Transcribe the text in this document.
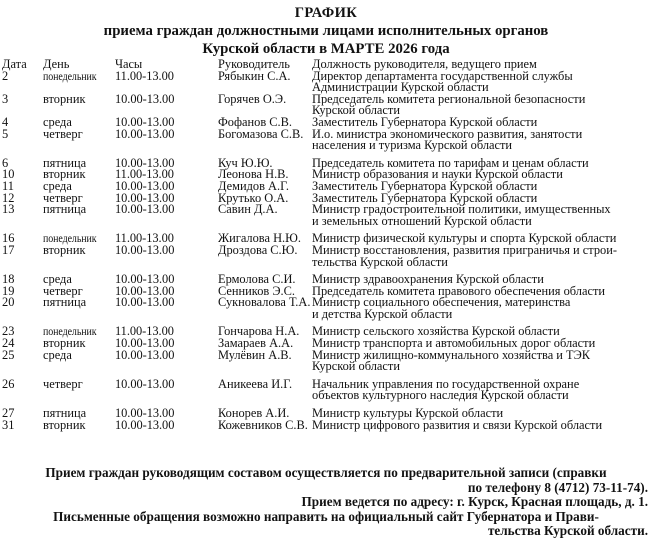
ГРАФИК
приема граждан должностными лицами исполнительных органов
Курской области в МАРТЕ 2026 года
Дата День	Часы	Руководитель Должность руководителя, ведущего прием
2	понедельник 11.00-13.00	Рябыкин С.А. Директор департамента государственной службы
Администрации Курской области
3	вторник 10.00-13.00	Горячев О.Э. Председатель комитета региональной безопасности
Курской области
4	среда	10.00-13.00	Фофанов С.В. Заместитель Губернатора Курской области
5	четверг	10.00-13.00	Богомазова С.В. И.о. министра экономического развития, занятости
населения и туризма Курской области
6	пятница 10.00-13.00	Куч Ю.Ю.	Председатель комитета по тарифам и ценам области
10 вторник 11.00-13.00	Леонова Н.В. Министр образования и науки Курской области
11 среда	10.00-13.00	Демидов А.Г. Заместитель Губернатора Курской области
12 четверг	10.00-13.00	Крутько О.А. Заместитель Губернатора Курской области
13 пятница 10.00-13.00	Савин Д.А.	Министр градостроительной политики, имущественных
и земельных отношений Курской области
16 понедельник 11.00-13.00	Жигалова Н.Ю. Министр физической культуры и спорта Курской области
17 вторник 10.00-13.00	Дроздова С.Ю. Министр восстановления, развития приграничья и строи-
тельства Курской области
18 среда	10.00-13.00	Ермолова С.И. Министр здравоохранения Курской области
19 четверг	10.00-13.00	Сенников Э.С. Председатель комитета правового обеспечения области
20 пятница 10.00-13.00	Сукновалова Т.А. Министр социального обеспечения, материнства
и детства Курской области
23 понедельник 11.00-13.00	Гончарова Н.А. Министр сельского хозяйства Курской области
24 вторник 10.00-13.00	Замараев А.А. Министр транспорта и автомобильных дорог области
25 среда	10.00-13.00	Мулёвин А.В. Министр жилищно-коммунального хозяйства и ТЭК
Курской области
26 четверг	10.00-13.00	Аникеева И.Г. Начальник управления по государственной охране
объектов культурного наследия Курской области
27 пятница 10.00-13.00	Конорев А.И. Министр культуры Курской области
31 вторник 10.00-13.00	Кожевников С.В. Министр цифрового развития и связи Курской области
Прием граждан руководящим составом осуществляется по предварительной записи (справки
по телефону 8 (4712) 73-11-74).
Прием ведется по адресу: г. Курск, Красная площадь, д. 1.
Письменные обращения возможно направить на официальный сайт Губернатора и Прави-
тельства Курской области.
